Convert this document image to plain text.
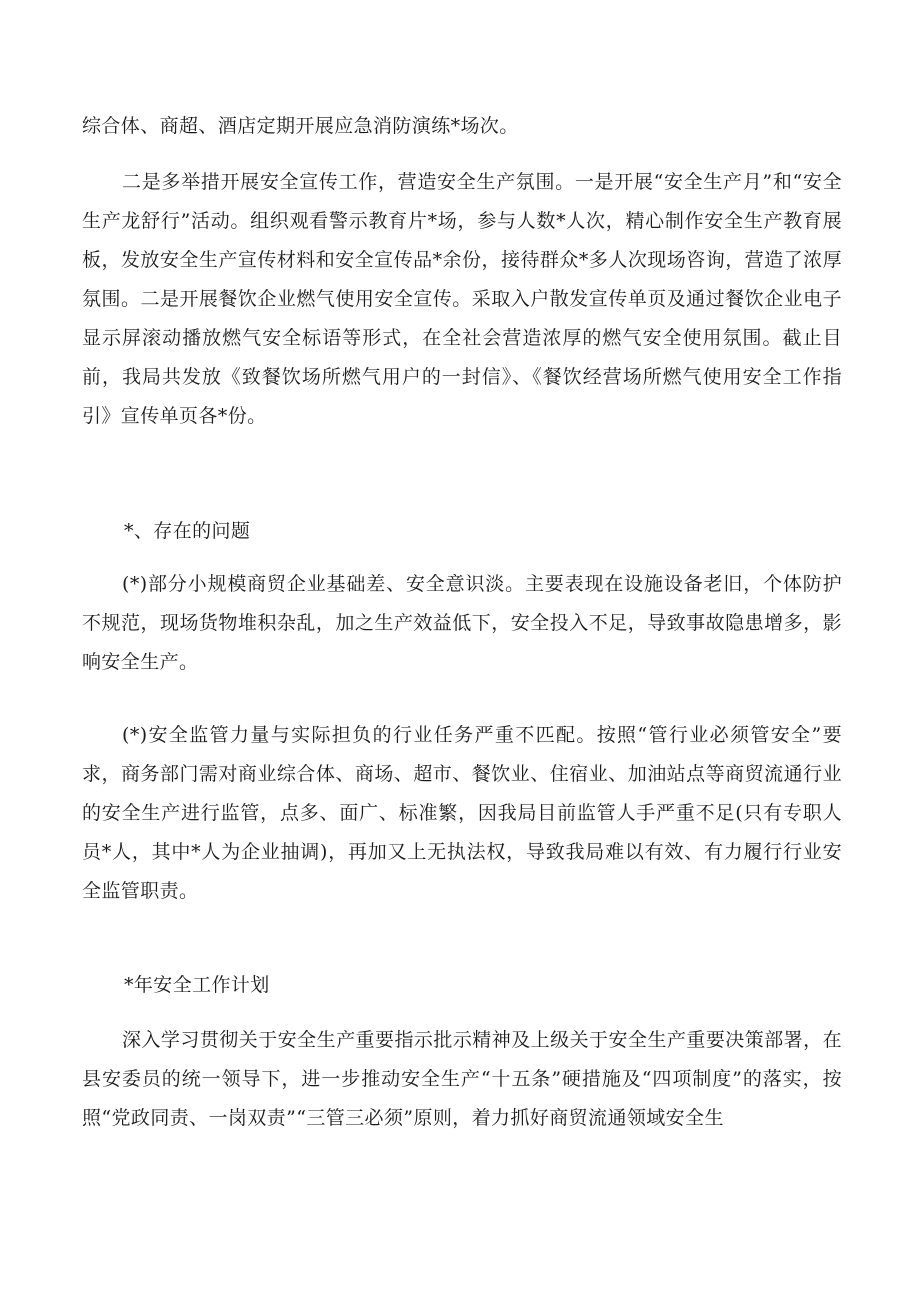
综合体、商超、酒店定期开展应急消防演练*场次。

二是多举措开展安全宣传工作，营造安全生产氛围。一是开展“安全生产月”和“安全生产龙舒行”活动。组织观看警示教育片*场，参与人数*人次，精心制作安全生产教育展板，发放安全生产宣传材料和安全宣传品*余份，接待群众*多人次现场咨询，营造了浓厚氛围。二是开展餐饮企业燃气使用安全宣传。采取入户散发宣传单页及通过餐饮企业电子显示屏滚动播放燃气安全标语等形式，在全社会营造浓厚的燃气安全使用氛围。截止目前，我局共发放《致餐饮场所燃气用户的一封信》、《餐饮经营场所燃气使用安全工作指引》宣传单页各*份。

*、存在的问题

(*)部分小规模商贸企业基础差、安全意识淡。主要表现在设施设备老旧，个体防护不规范，现场货物堆积杂乱，加之生产效益低下，安全投入不足，导致事故隐患增多，影响安全生产。

(*)安全监管力量与实际担负的行业任务严重不匹配。按照“管行业必须管安全”要求，商务部门需对商业综合体、商场、超市、餐饮业、住宿业、加油站点等商贸流通行业的安全生产进行监管，点多、面广、标准繁，因我局目前监管人手严重不足(只有专职人员*人，其中*人为企业抽调)，再加又上无执法权，导致我局难以有效、有力履行行业安全监管职责。

*年安全工作计划

深入学习贯彻关于安全生产重要指示批示精神及上级关于安全生产重要决策部署，在县安委员的统一领导下，进一步推动安全生产“十五条”硬措施及“四项制度”的落实，按照“党政同责、一岗双责”“三管三必须”原则，着力抓好商贸流通领域安全生
